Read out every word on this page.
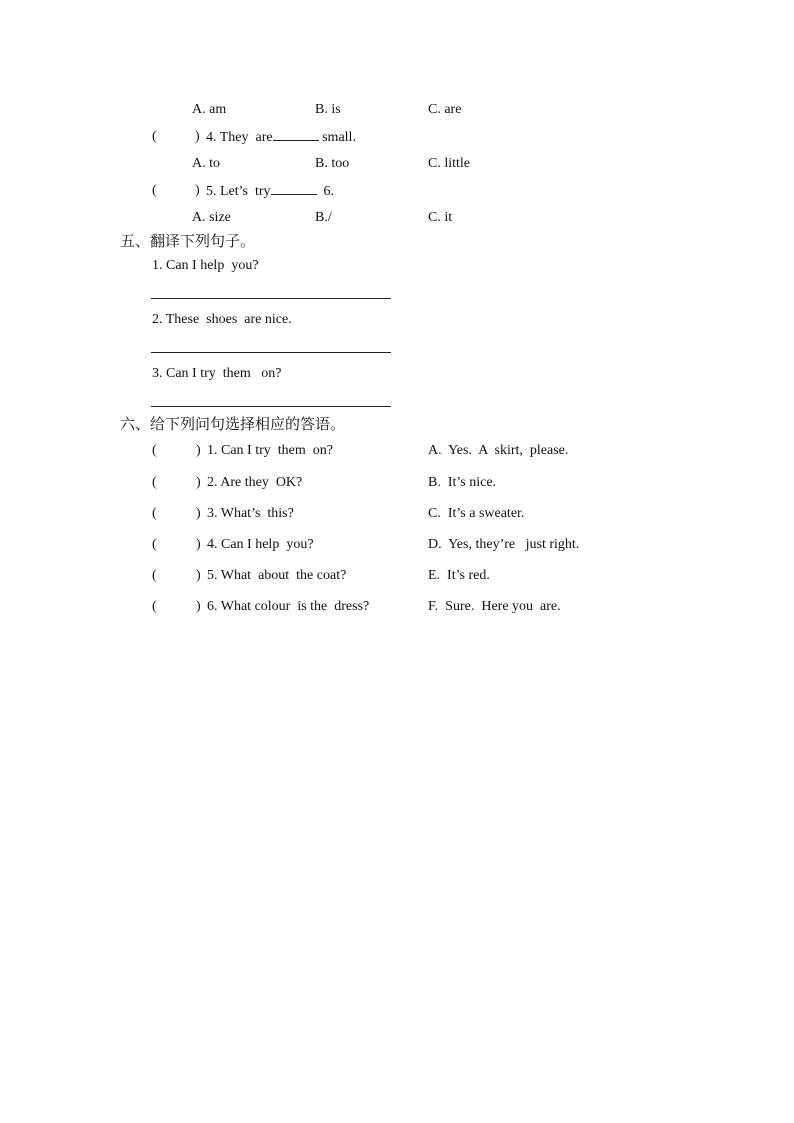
A. am	B. is	C. are
(	) 4. They  are	small.
A. to	B. too	C. little
(	) 5. Let’s  try	6.
A. size	B./	C. it
五、翻译下列句子。
1. Can I help  you?
2. These  shoes  are nice.
3. Can I try  them   on?
六、给下列问句选择相应的答语。
(	) 1. Can I try  them  on?	A.  Yes.  A  skirt,  please.
(	) 2. Are they  OK?	B.  It’s nice.
(	) 3. What’s  this?	C.  It’s a sweater.
(	) 4. Can I help  you?	D.  Yes, they’re   just right.
(	) 5. What  about  the coat?	E.  It’s red.
(	) 6. What colour  is the  dress?	F.  Sure.  Here you  are.
